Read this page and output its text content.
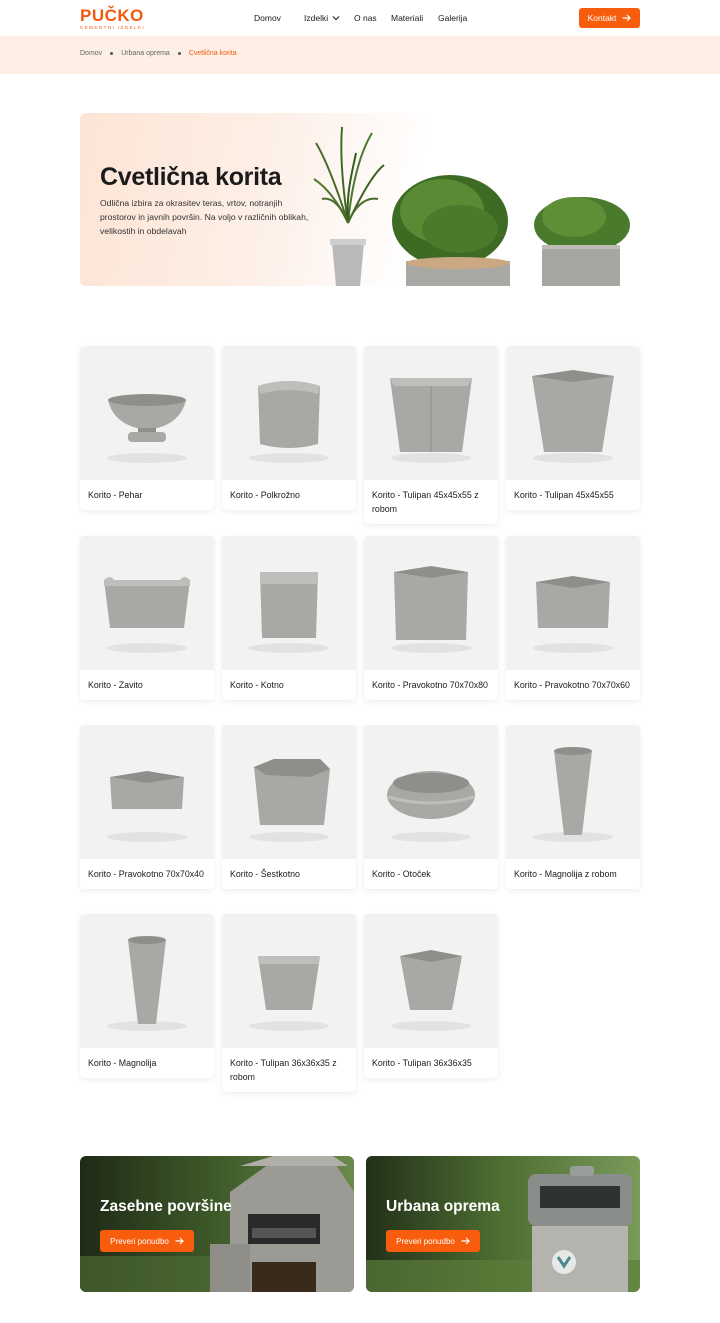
PUČKO
CEMENTNI IZDELKI
Domov	Izdelki	O nas Materiali Galerija	Kontakt
Domov	Urbana oprema	Cvetlična korita
Cvetlična korita

Odlična izbira za okrasitev teras, vrtov, notranjih prostorov in javnih površin. Na voljo v različnih oblikah, velikostih in obdelavah

Korito - Pehar	Korito - Polkrožno	Korito - Tulipan 45x45x55 z robom
Korito - Tulipan 45x45x55
Korito - Zavito	Korito - Kotno	Korito - Pravokotno 70x70x80	Korito - Pravokotno 70x70x60
Korito - Pravokotno 70x70x40	Korito - Šestkotno	Korito - Otoček	Korito - Magnolija z robom
Korito - Magnolija	Korito - Tulipan 36x36x35 z robom
Korito - Tulipan 36x36x35
Zasebne površine
Preveri ponudbo
Urbana oprema
Preveri ponudbo
